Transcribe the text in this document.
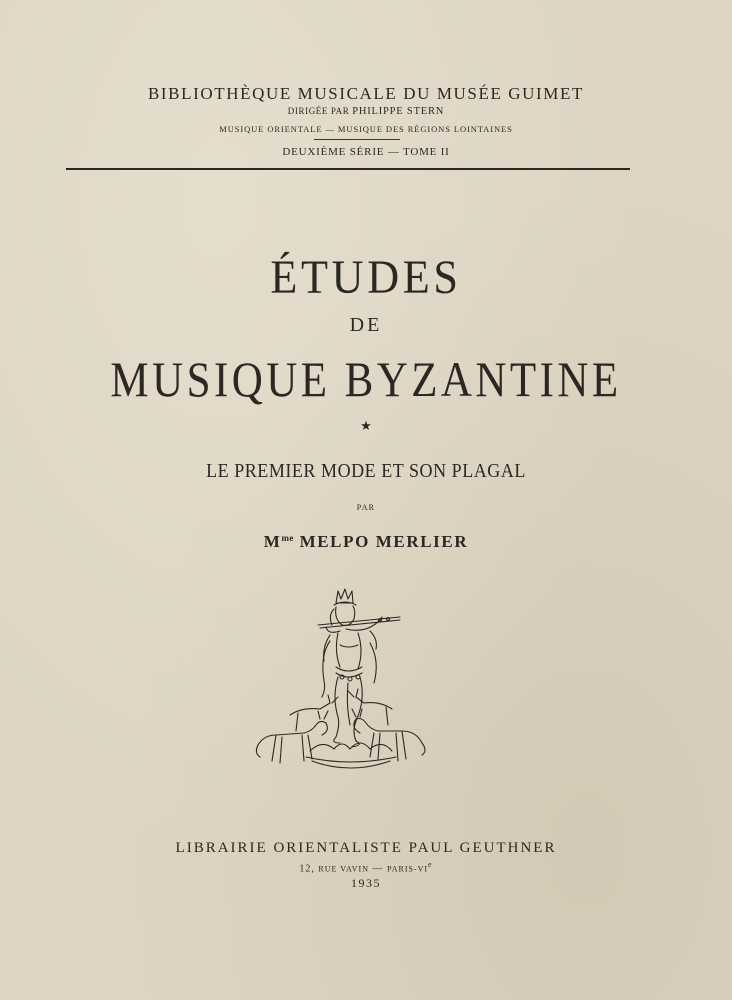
BIBLIOTHÈQUE MUSICALE DU MUSÉE GUIMET
DIRIGÉE PAR PHILIPPE STERN
MUSIQUE ORIENTALE — MUSIQUE DES RÉGIONS LOINTAINES
DEUXIÈME SÉRIE — TOME II
ÉTUDES
DE
MUSIQUE BYZANTINE
★
LE PREMIER MODE ET SON PLAGAL
PAR
$M^{me}$ MELPO MERLIER
LIBRAIRIE ORIENTALISTE PAUL GEUTHNER
12, RUE VAVIN — PARIS-VIe
1935
